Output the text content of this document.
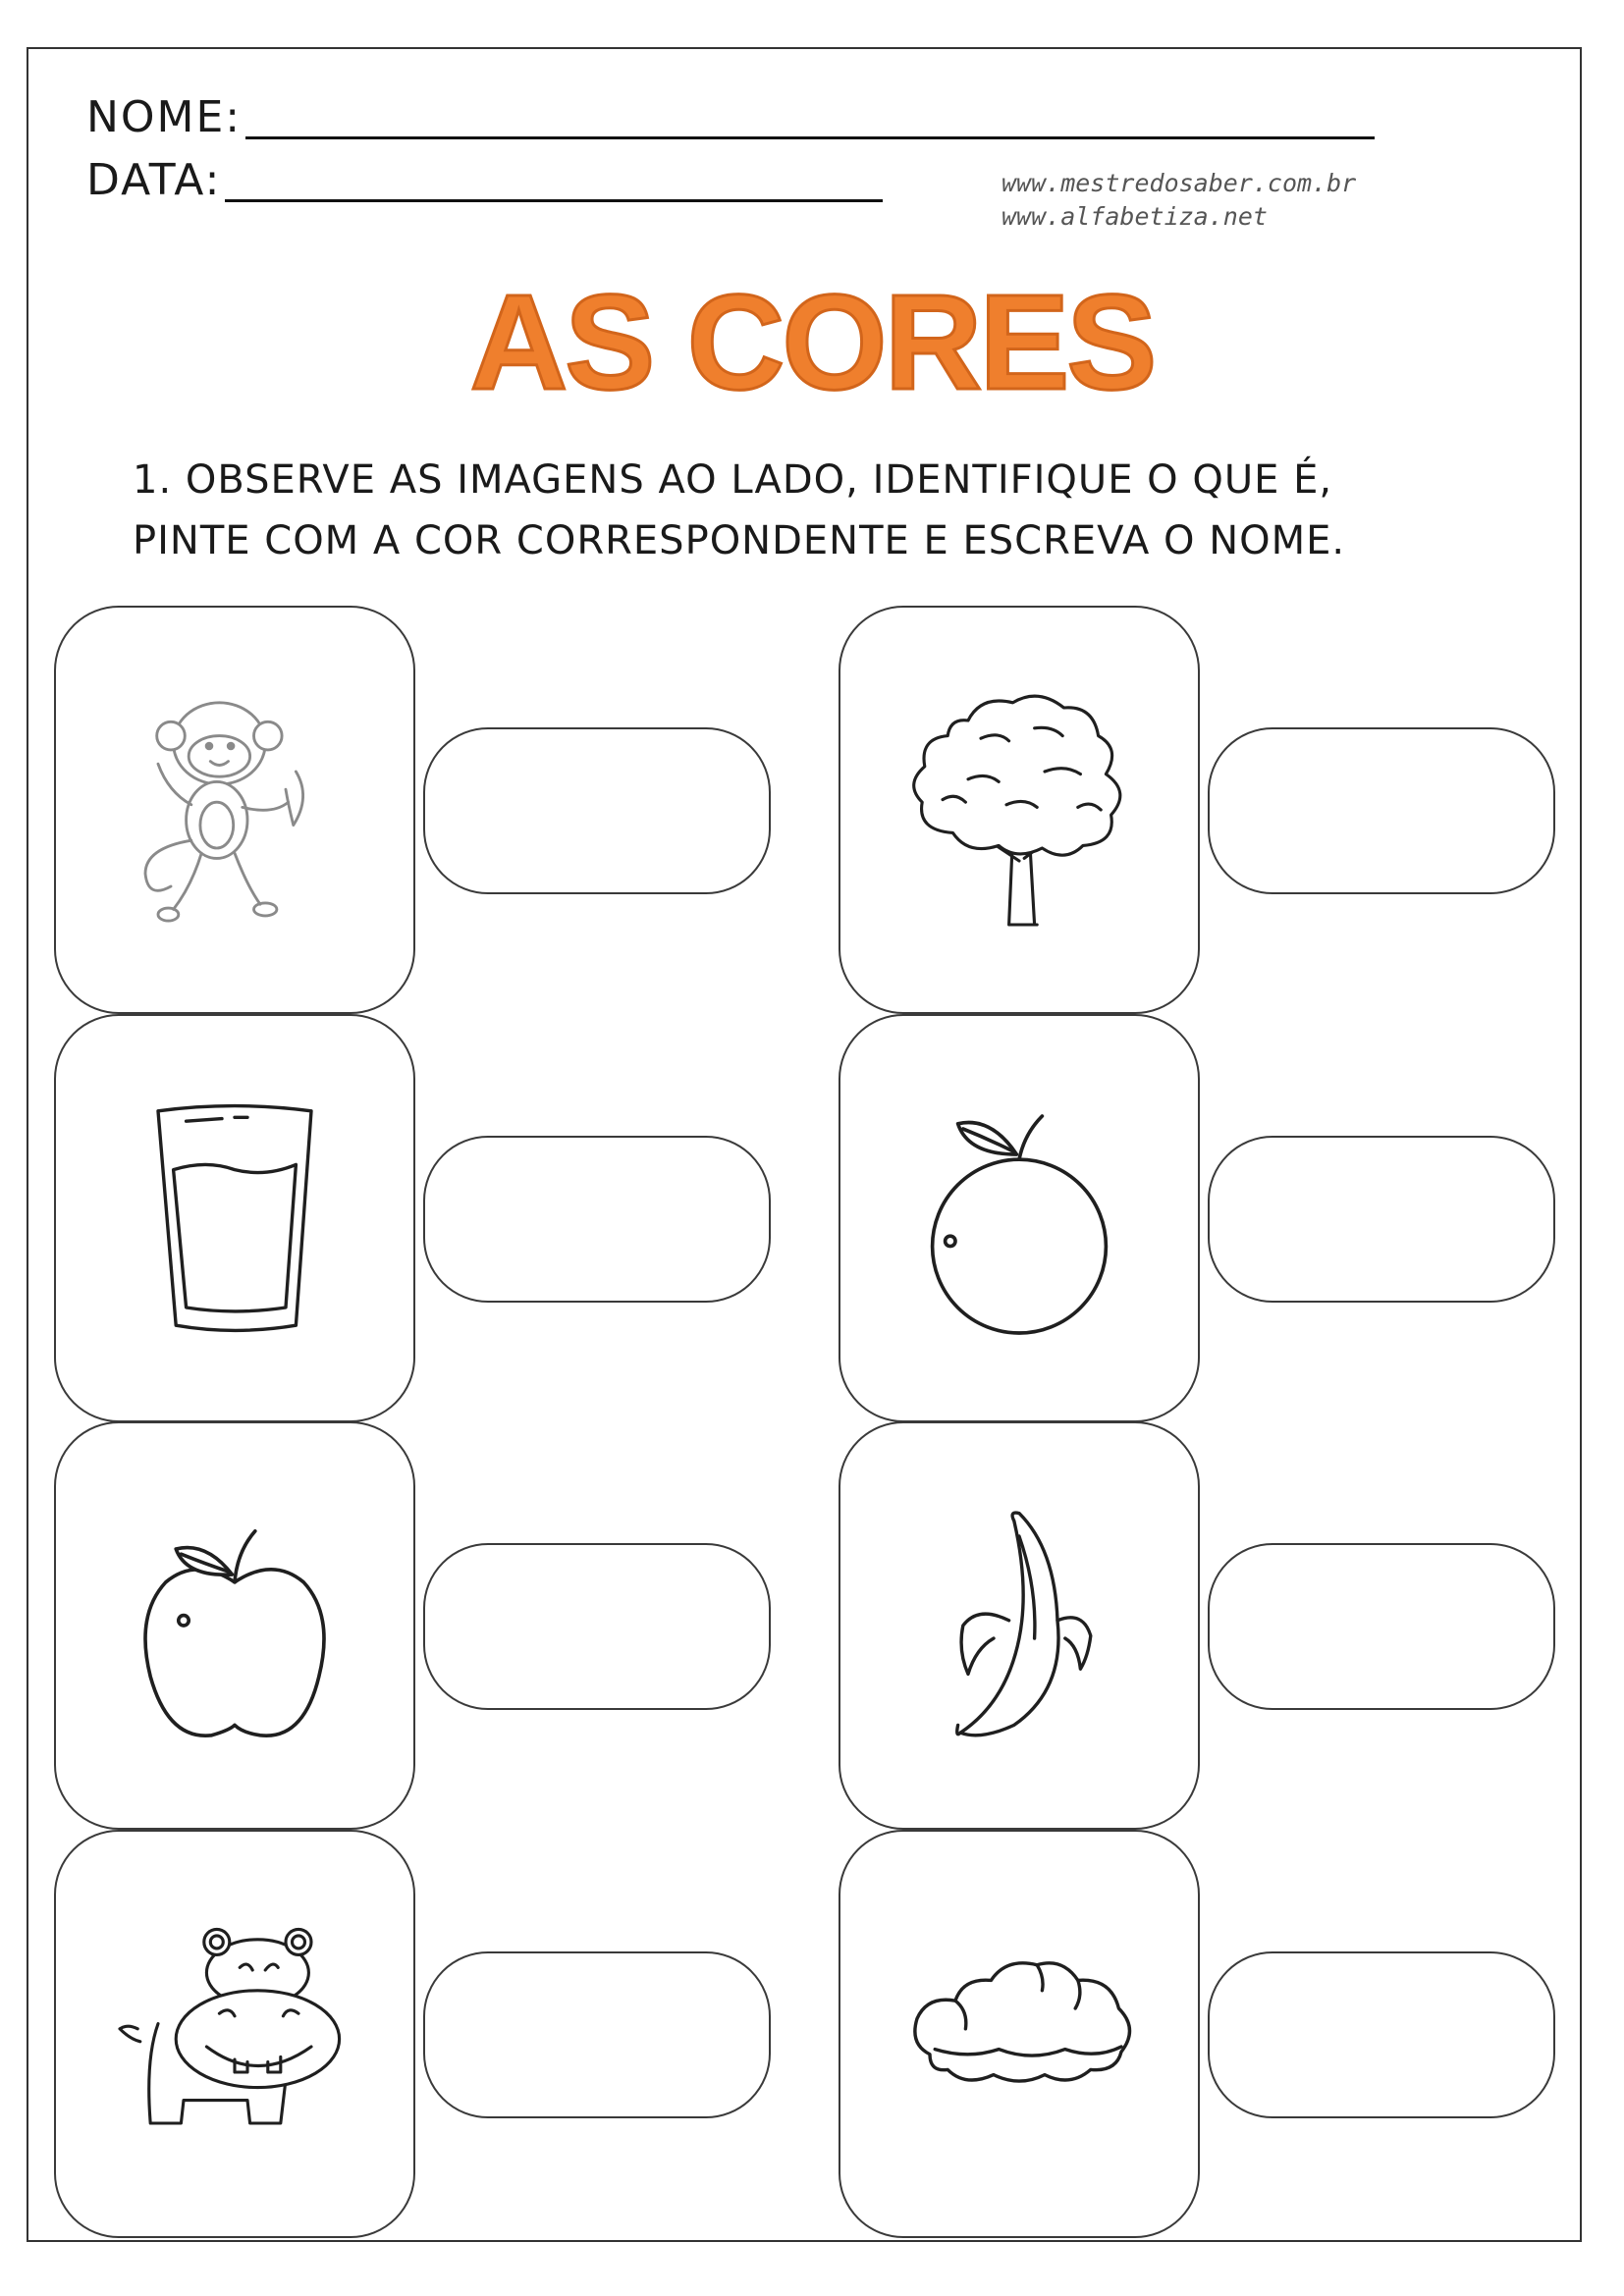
NOME:
DATA:	www.mestredosaber.com.br
www.alfabetiza.net
AS CORES
1. OBSERVE AS IMAGENS AO LADO, IDENTIFIQUE O QUE É,
PINTE COM A COR CORRESPONDENTE E ESCREVA O NOME.
